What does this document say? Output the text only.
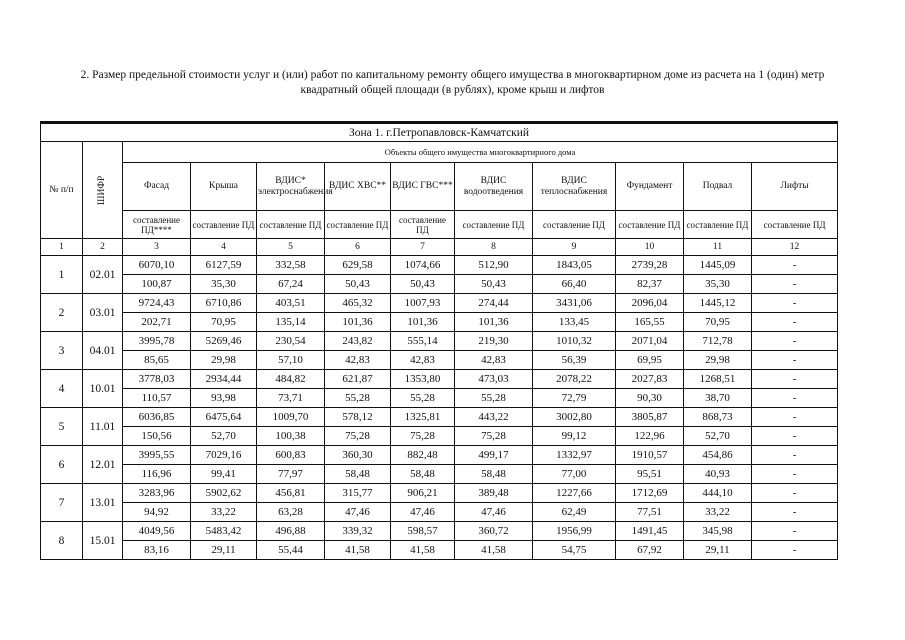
2. Размер предельной стоимости услуг и (или) работ по капитальному ремонту общего имущества в многоквартирном доме из расчета на 1 (один) метр
квадратный общей площади (в рублях), кроме крыш и лифтов
Зона 1. г.Петропавловск-Камчатский											
№ п/п	ШИФР	Объекты общего имущества многоквартирного дома									
		Фасад	Крыша	ВДИС* электроснабжения	ВДИС ХВС**	ВДИС ГВС***	ВДИС водоотведения	ВДИС теплоснабжения	Фундамент	Подвал	Лифты
		составление ПД****	составление ПД	составление ПД	составление ПД	составление ПД	составление ПД	составление ПД	составление ПД	составление ПД	составление ПД
1	2	3	4	5	6	7	8	9	10	11	12
1	02.01	6070,10	6127,59	332,58	629,58	1074,66	512,90	1843,05	2739,28	1445,09	-
		100,87	35,30	67,24	50,43	50,43	50,43	66,40	82,37	35,30	-
2	03.01	9724,43	6710,86	403,51	465,32	1007,93	274,44	3431,06	2096,04	1445,12	-
		202,71	70,95	135,14	101,36	101,36	101,36	133,45	165,55	70,95	-
3	04.01	3995,78	5269,46	230,54	243,82	555,14	219,30	1010,32	2071,04	712,78	-
		85,65	29,98	57,10	42,83	42,83	42,83	56,39	69,95	29,98	-
4	10.01	3778,03	2934,44	484,82	621,87	1353,80	473,03	2078,22	2027,83	1268,51	-
		110,57	93,98	73,71	55,28	55,28	55,28	72,79	90,30	38,70	-
5	11.01	6036,85	6475,64	1009,70	578,12	1325,81	443,22	3002,80	3805,87	868,73	-
		150,56	52,70	100,38	75,28	75,28	75,28	99,12	122,96	52,70	-
6	12.01	3995,55	7029,16	600,83	360,30	882,48	499,17	1332,97	1910,57	454,86	-
		116,96	99,41	77,97	58,48	58,48	58,48	77,00	95,51	40,93	-
7	13.01	3283,96	5902,62	456,81	315,77	906,21	389,48	1227,66	1712,69	444,10	-
		94,92	33,22	63,28	47,46	47,46	47,46	62,49	77,51	33,22	-
8	15.01	4049,56	5483,42	496,88	339,32	598,57	360,72	1956,99	1491,45	345,98	-
		83,16	29,11	55,44	41,58	41,58	41,58	54,75	67,92	29,11	-
